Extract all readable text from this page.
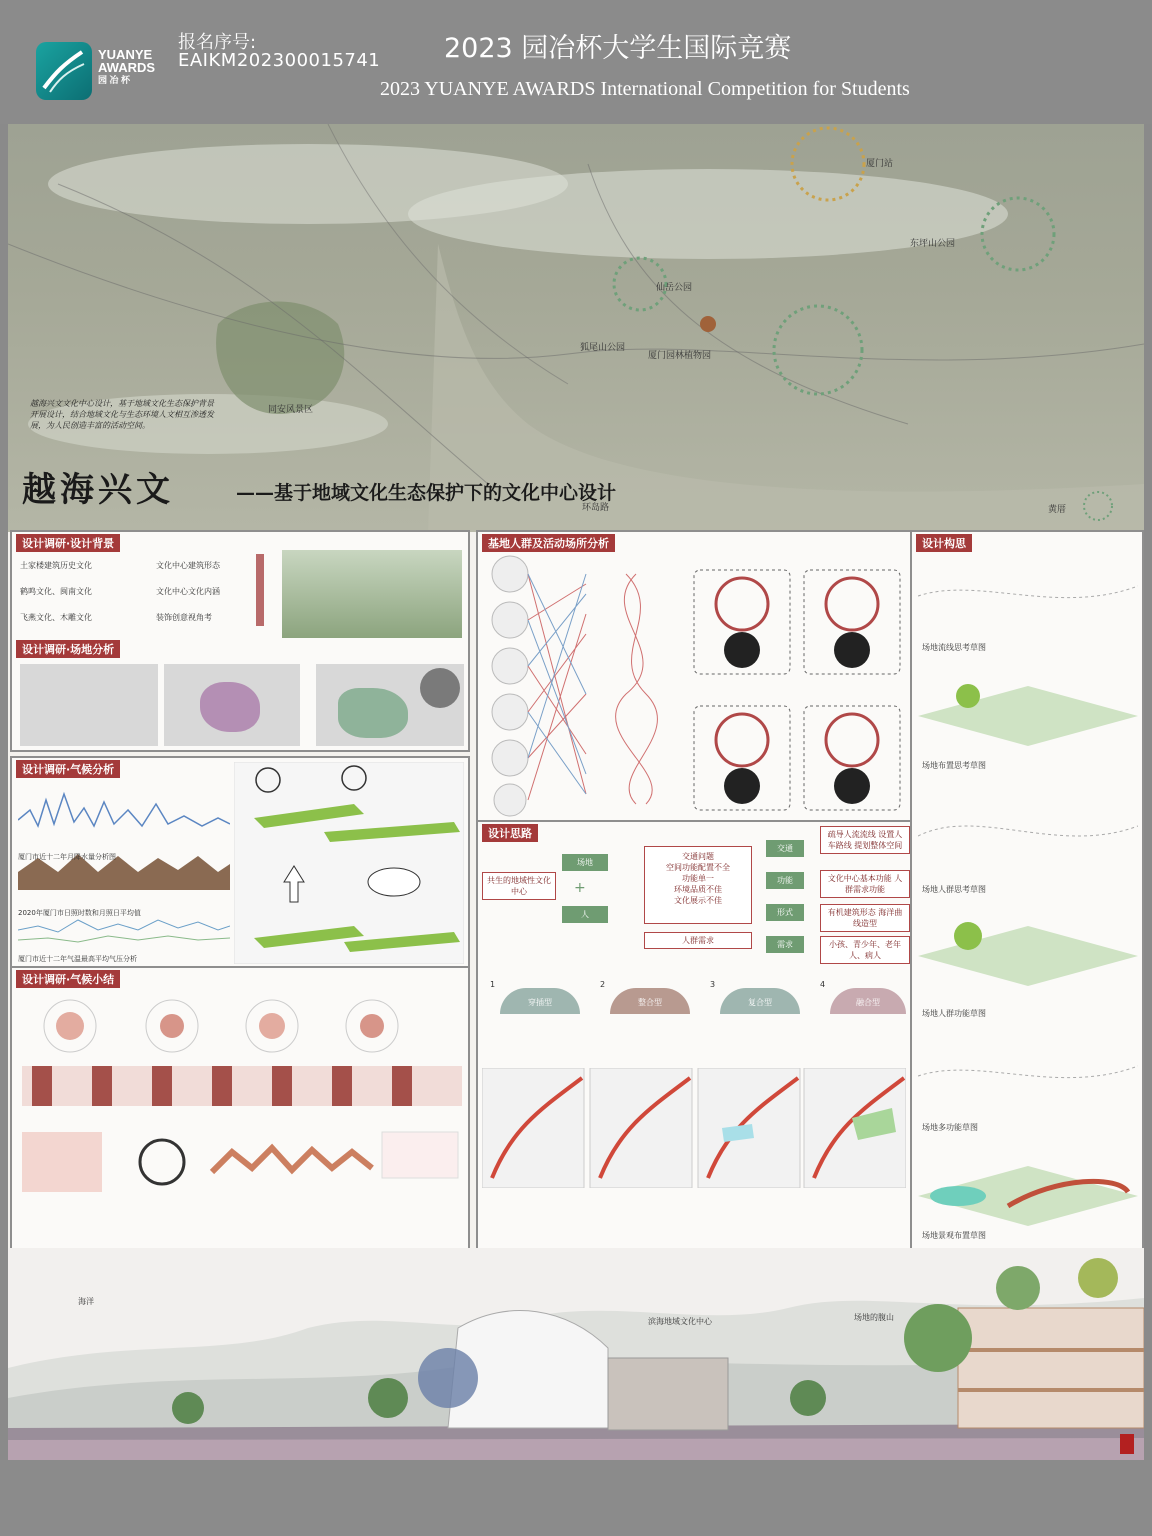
YUANYE
AWARDS
园 冶 杯
报名序号:
EAIKM202300015741 2023 园冶杯大学生国际竞赛
2023 YUANYE AWARDS International Competition for Students
厦门站
东坪山公园
仙岳公园
狐尾山公园
厦门园林植物园
同安风景区
环岛路	黄厝
越海兴文文化中心设计，基于地域文化生态保护背景开展设计，结合地域文化与生态环境人文相互渗透发展，为人民创造丰富的活动空间。
越海兴文	——基于地域文化生态保护下的文化中心设计
设计调研·设计背景
土家楼建筑历史文化	文化中心建筑形态
鹤鸣文化、闽南文化	文化中心文化内涵
飞燕文化、木雕文化	装饰创意视角考
设计调研·场地分析
设计调研·气候分析
厦门市近十二年月降水量分析图
2020年厦门市日照时数和月照日平均值
厦门市近十二年气温最高平均气压分析
设计调研·气候小结
基地人群及活动场所分析
设计思路
共生的地域性文化中心
场地
+
人
交通问题
空间功能配置不全
功能单一
环境品质不佳
文化展示不佳
人群需求
交通
功能
形式
需求
疏导人流流线 设置人车路线 提划整体空间
文化中心基本功能 人群需求功能
有机建筑形态 海洋曲线造型
小孩、青少年、老年人、病人
1	2	3	4
穿插型	整合型	复合型	融合型
设计构思
场地流线思考草图
场地布置思考草图
场地人群思考草图
场地人群功能草图
场地多功能草图
场地景观布置草图
海洋
滨海地域文化中心	场地的腹山
